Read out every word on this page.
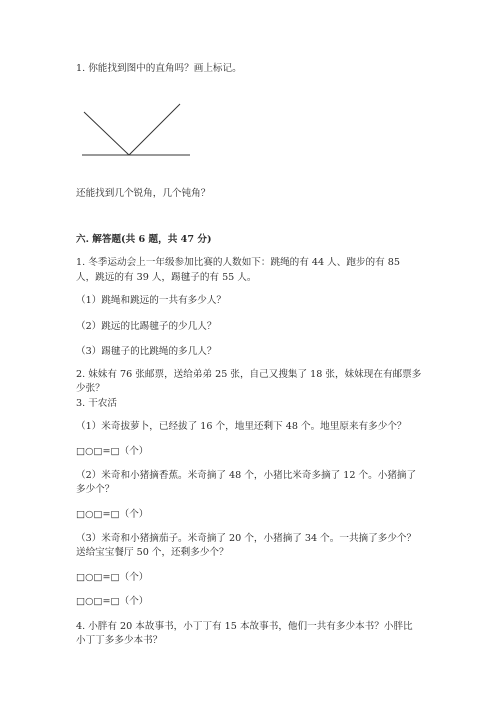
1. 你能找到图中的直角吗？画上标记。
还能找到几个锐角，几个钝角？
六. 解答题(共 6 题，共 47 分)
1. 冬季运动会上一年级参加比赛的人数如下：跳绳的有 44 人、跑步的有 85
人，跳远的有 39 人，踢毽子的有 55 人。
（1）跳绳和跳远的一共有多少人？
（2）跳远的比踢毽子的少几人？
（3）踢毽子的比跳绳的多几人？
2. 妹妹有 76 张邮票，送给弟弟 25 张，自己又搜集了 18 张，妹妹现在有邮票多
少张？
3. 干农活
（1）米奇拔萝卜，已经拔了 16 个，地里还剩下 48 个。地里原来有多少个？
□○□=□（个）
（2）米奇和小猪摘香蕉。米奇摘了 48 个，小猪比米奇多摘了 12 个。小猪摘了
多少个？
□○□=□（个）
（3）米奇和小猪摘茄子。米奇摘了 20 个，小猪摘了 34 个。一共摘了多少个？
送给宝宝餐厅 50 个，还剩多少个？
□○□=□（个）
□○□=□（个）
4. 小胖有 20 本故事书，小丁丁有 15 本故事书，他们一共有多少本书？小胖比
小丁丁多多少本书？
